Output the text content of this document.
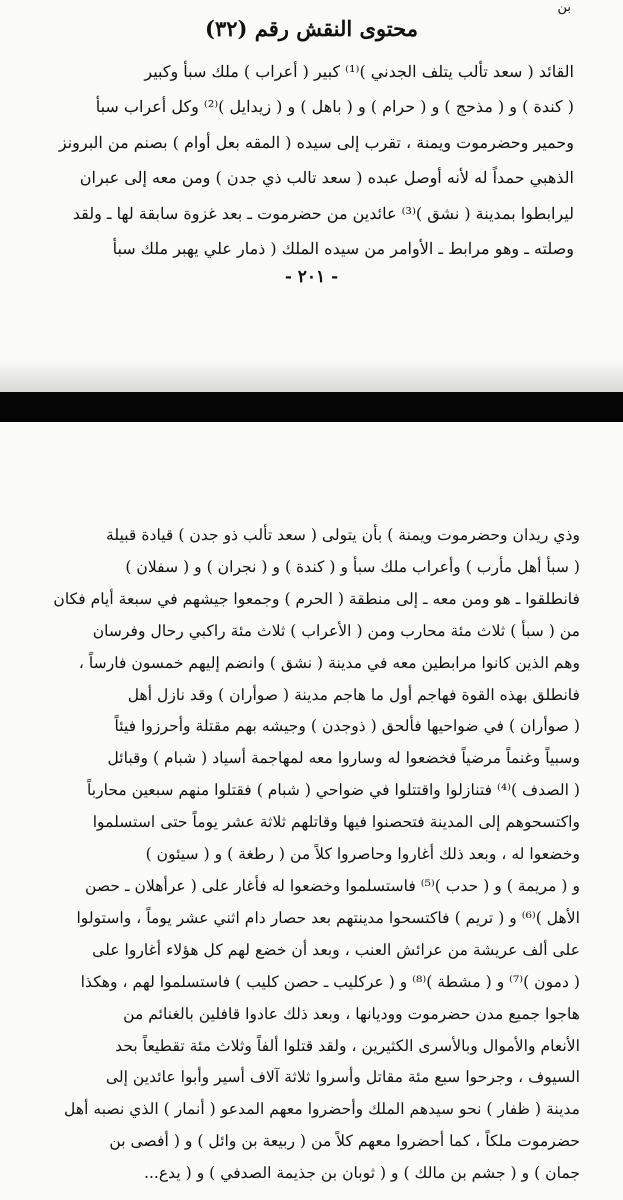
بن
محتوى النقش رقم (٣٢)

القائد ( سعد تألب يتلف الجدني )⁽¹⁾ كبير ( أعراب ) ملك سبأ وكبير

( كندة ) و ( مذحج ) و ( حرام ) و ( باهل ) و ( زيدايل )⁽²⁾ وكل أعراب سبأ

وحمير وحضرموت ويمنة ، تقرب إلى سيده ( المقه بعل أوام ) بصنم من البرونز

الذهبي حمداً له لأنه أوصل عبده ( سعد تالب ذي جدن ) ومن معه إلى عبران

ليرابطوا بمدينة ( نشق )⁽³⁾ عائدين من حضرموت ـ بعد غزوة سابقة لها ـ ولقد

وصلته ـ وهو مرابط ـ الأوامر من سيده الملك ( ذمار علي يهبر ملك سبأ

- ٢٠١ -

وذي ريدان وحضرموت ويمنة ) بأن يتولى ( سعد تألب ذو جدن ) قيادة قبيلة

( سبأ أهل مأرب ) وأعراب ملك سبأ و ( كندة ) و ( نجران ) و ( سفلان )

فانطلقوا ـ هو ومن معه ـ إلى منطقة ( الحرم ) وجمعوا جيشهم في سبعة أيام فكان

من ( سبأ ) ثلاث مئة محارب ومن ( الأعراب ) ثلاث مئة راكبي رحال وفرسان

وهم الذين كانوا مرابطين معه في مدينة ( نشق ) وانضم إليهم خمسون فارساً ،

فانطلق بهذه القوة فهاجم أول ما هاجم مدينة ( صوأران ) وقد نازل أهل

( صوأران ) في ضواحيها فألحق ( ذوجدن ) وجيشه بهم مقتلة وأحرزوا فيئاً

وسبياً وغنماً مرضياً فخضعوا له وساروا معه لمهاجمة أسياد ( شبام ) وقبائل

( الصدف )⁽⁴⁾ فتنازلوا واقتتلوا في ضواحي ( شبام ) فقتلوا منهم سبعين محارباً

واكتسحوهم إلى المدينة فتحصنوا فيها وقاتلهم ثلاثة عشر يوماً حتى استسلموا

وخضعوا له ، وبعد ذلك أغاروا وحاصروا كلاً من ( رطغة ) و ( سيئون )

و ( مريمة ) و ( حدب )⁽⁵⁾ فاستسلموا وخضعوا له فأغار على ( عرأهلان ـ حصن

الأهل )⁽⁶⁾ و ( تريم ) فاكتسحوا مدينتهم بعد حصار دام اثني عشر يوماً ، واستولوا

على ألف عريشة من عرائش العنب ، وبعد أن خضع لهم كل هؤلاء أغاروا على

( دمون )⁽⁷⁾ و ( مشطة )⁽⁸⁾ و ( عركليب ـ حصن كليب ) فاستسلموا لهم ، وهكذا

هاجوا جميع مدن حضرموت ووديانها ، وبعد ذلك عادوا قافلين بالغنائم من

الأنعام والأموال وبالأسرى الكثيرين ، ولقد قتلوا ألفاً وثلاث مئة تقطيعاً بحد

السيوف ، وجرحوا سبع مئة مقاتل وأسروا ثلاثة آلاف أسير وأبوا عائدين إلى

مدينة ( ظفار ) نحو سيدهم الملك وأحضروا معهم المدعو ( أنمار ) الذي نصبه أهل

حضرموت ملكاً ، كما أحضروا معهم كلاً من ( ربيعة بن وائل ) و ( أفصى بن

جمان ) و ( جشم بن مالك ) و ( ثوبان بن جذيمة الصدفي ) و ( يدع...
